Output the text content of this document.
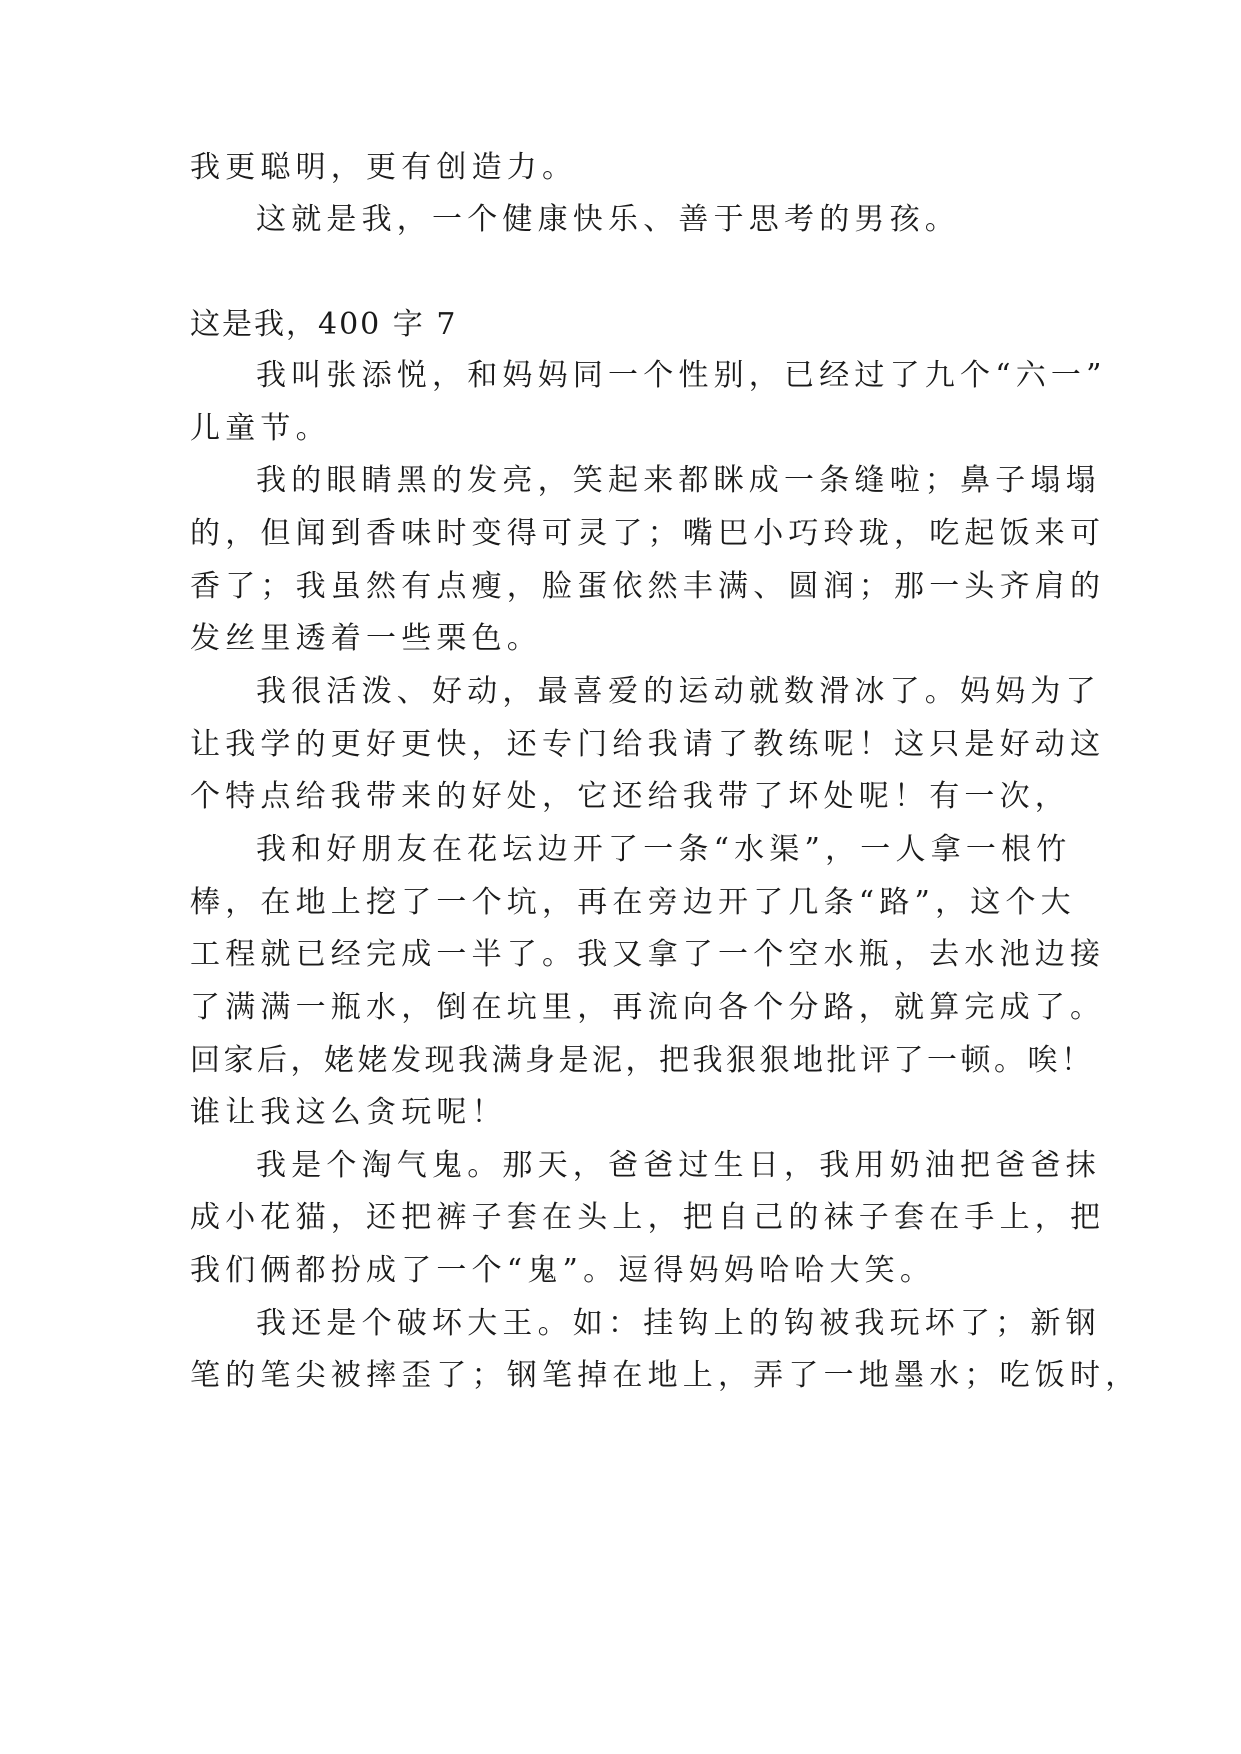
我更聪明，更有创造力。
这就是我，一个健康快乐、善于思考的男孩。
这是我，400 字 7
我叫张添悦，和妈妈同一个性别，已经过了九个“六一”
儿童节。
我的眼睛黑的发亮，笑起来都眯成一条缝啦；鼻子塌塌
的，但闻到香味时变得可灵了；嘴巴小巧玲珑，吃起饭来可
香了；我虽然有点瘦，脸蛋依然丰满、圆润；那一头齐肩的
发丝里透着一些栗色。
我很活泼、好动，最喜爱的运动就数滑冰了。妈妈为了
让我学的更好更快，还专门给我请了教练呢！这只是好动这
个特点给我带来的好处，它还给我带了坏处呢！有一次，
我和好朋友在花坛边开了一条“水渠”，一人拿一根竹
棒，在地上挖了一个坑，再在旁边开了几条“路”，这个大
工程就已经完成一半了。我又拿了一个空水瓶，去水池边接
了满满一瓶水，倒在坑里，再流向各个分路，就算完成了。
回家后，姥姥发现我满身是泥，把我狠狠地批评了一顿。唉！
谁让我这么贪玩呢！
我是个淘气鬼。那天，爸爸过生日，我用奶油把爸爸抹
成小花猫，还把裤子套在头上，把自己的袜子套在手上，把
我们俩都扮成了一个“鬼”。逗得妈妈哈哈大笑。
我还是个破坏大王。如：挂钩上的钩被我玩坏了；新钢
笔的笔尖被摔歪了；钢笔掉在地上，弄了一地墨水；吃饭时，
